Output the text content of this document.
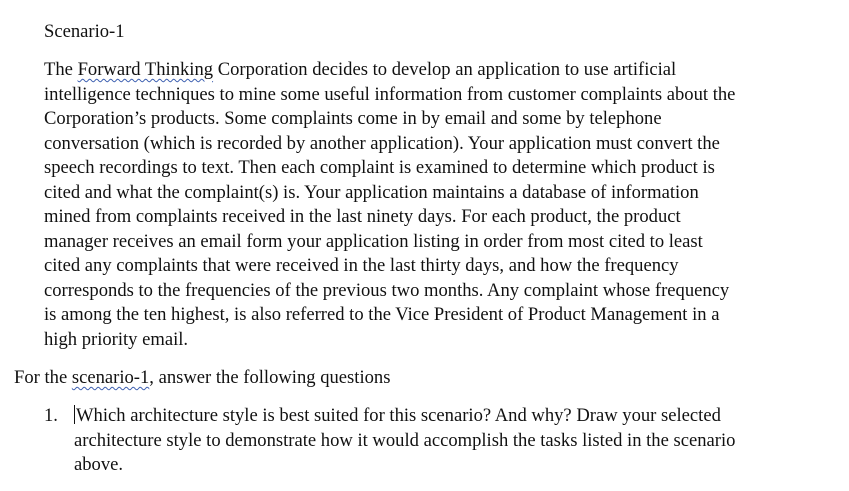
Scenario-1
The Forward Thinking Corporation decides to develop an application to use artificial
intelligence techniques to mine some useful information from customer complaints about the
Corporation’s products. Some complaints come in by email and some by telephone
conversation (which is recorded by another application). Your application must convert the
speech recordings to text. Then each complaint is examined to determine which product is
cited and what the complaint(s) is. Your application maintains a database of information
mined from complaints received in the last ninety days. For each product, the product
manager receives an email form your application listing in order from most cited to least
cited any complaints that were received in the last thirty days, and how the frequency
corresponds to the frequencies of the previous two months. Any complaint whose frequency
is among the ten highest, is also referred to the Vice President of Product Management in a
high priority email.
For the scenario-1, answer the following questions
1. Which architecture style is best suited for this scenario? And why? Draw your selected
architecture style to demonstrate how it would accomplish the tasks listed in the scenario
above.
